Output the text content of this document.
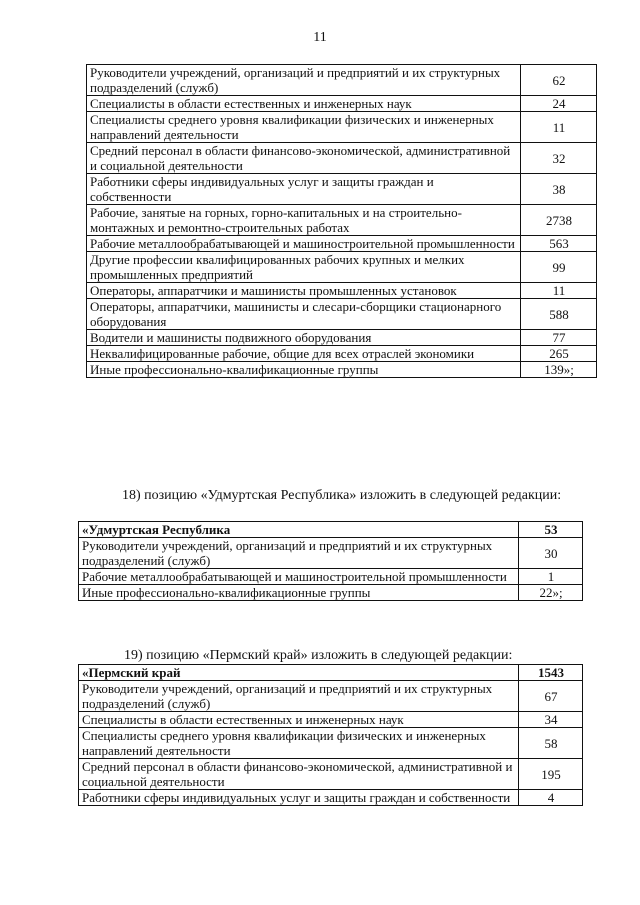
11
Руководители учреждений, организаций и предприятий и их структурных подразделений (служб)	62
Специалисты в области естественных и инженерных наук	24
Специалисты среднего уровня квалификации физических и инженерных направлений деятельности	11
Средний персонал в области финансово-экономической, административной и социальной деятельности	32
Работники сферы индивидуальных услуг и защиты граждан и собственности	38
Рабочие, занятые на горных, горно-капитальных и на строительно-монтажных и ремонтно-строительных работах	2738
Рабочие металлообрабатывающей и машиностроительной промышленности	563
Другие профессии квалифицированных рабочих крупных и мелких промышленных предприятий	99
Операторы, аппаратчики и машинисты промышленных установок	11
Операторы, аппаратчики, машинисты и слесари-сборщики стационарного оборудования	588
Водители и машинисты подвижного оборудования	77
Неквалифицированные рабочие, общие для всех отраслей экономики	265
Иные профессионально-квалификационные группы	139»;
18) позицию «Удмуртская Республика» изложить в следующей редакции:
«Удмуртская Республика	53
Руководители учреждений, организаций и предприятий и их структурных подразделений (служб)	30
Рабочие металлообрабатывающей и машиностроительной промышленности	1
Иные профессионально-квалификационные группы	22»;
19) позицию «Пермский край» изложить в следующей редакции:
«Пермский край	1543
Руководители учреждений, организаций и предприятий и их структурных подразделений (служб)	67
Специалисты в области естественных и инженерных наук	34
Специалисты среднего уровня квалификации физических и инженерных направлений деятельности	58
Средний персонал в области финансово-экономической, административной и социальной деятельности	195
Работники сферы индивидуальных услуг и защиты граждан и собственности	4
